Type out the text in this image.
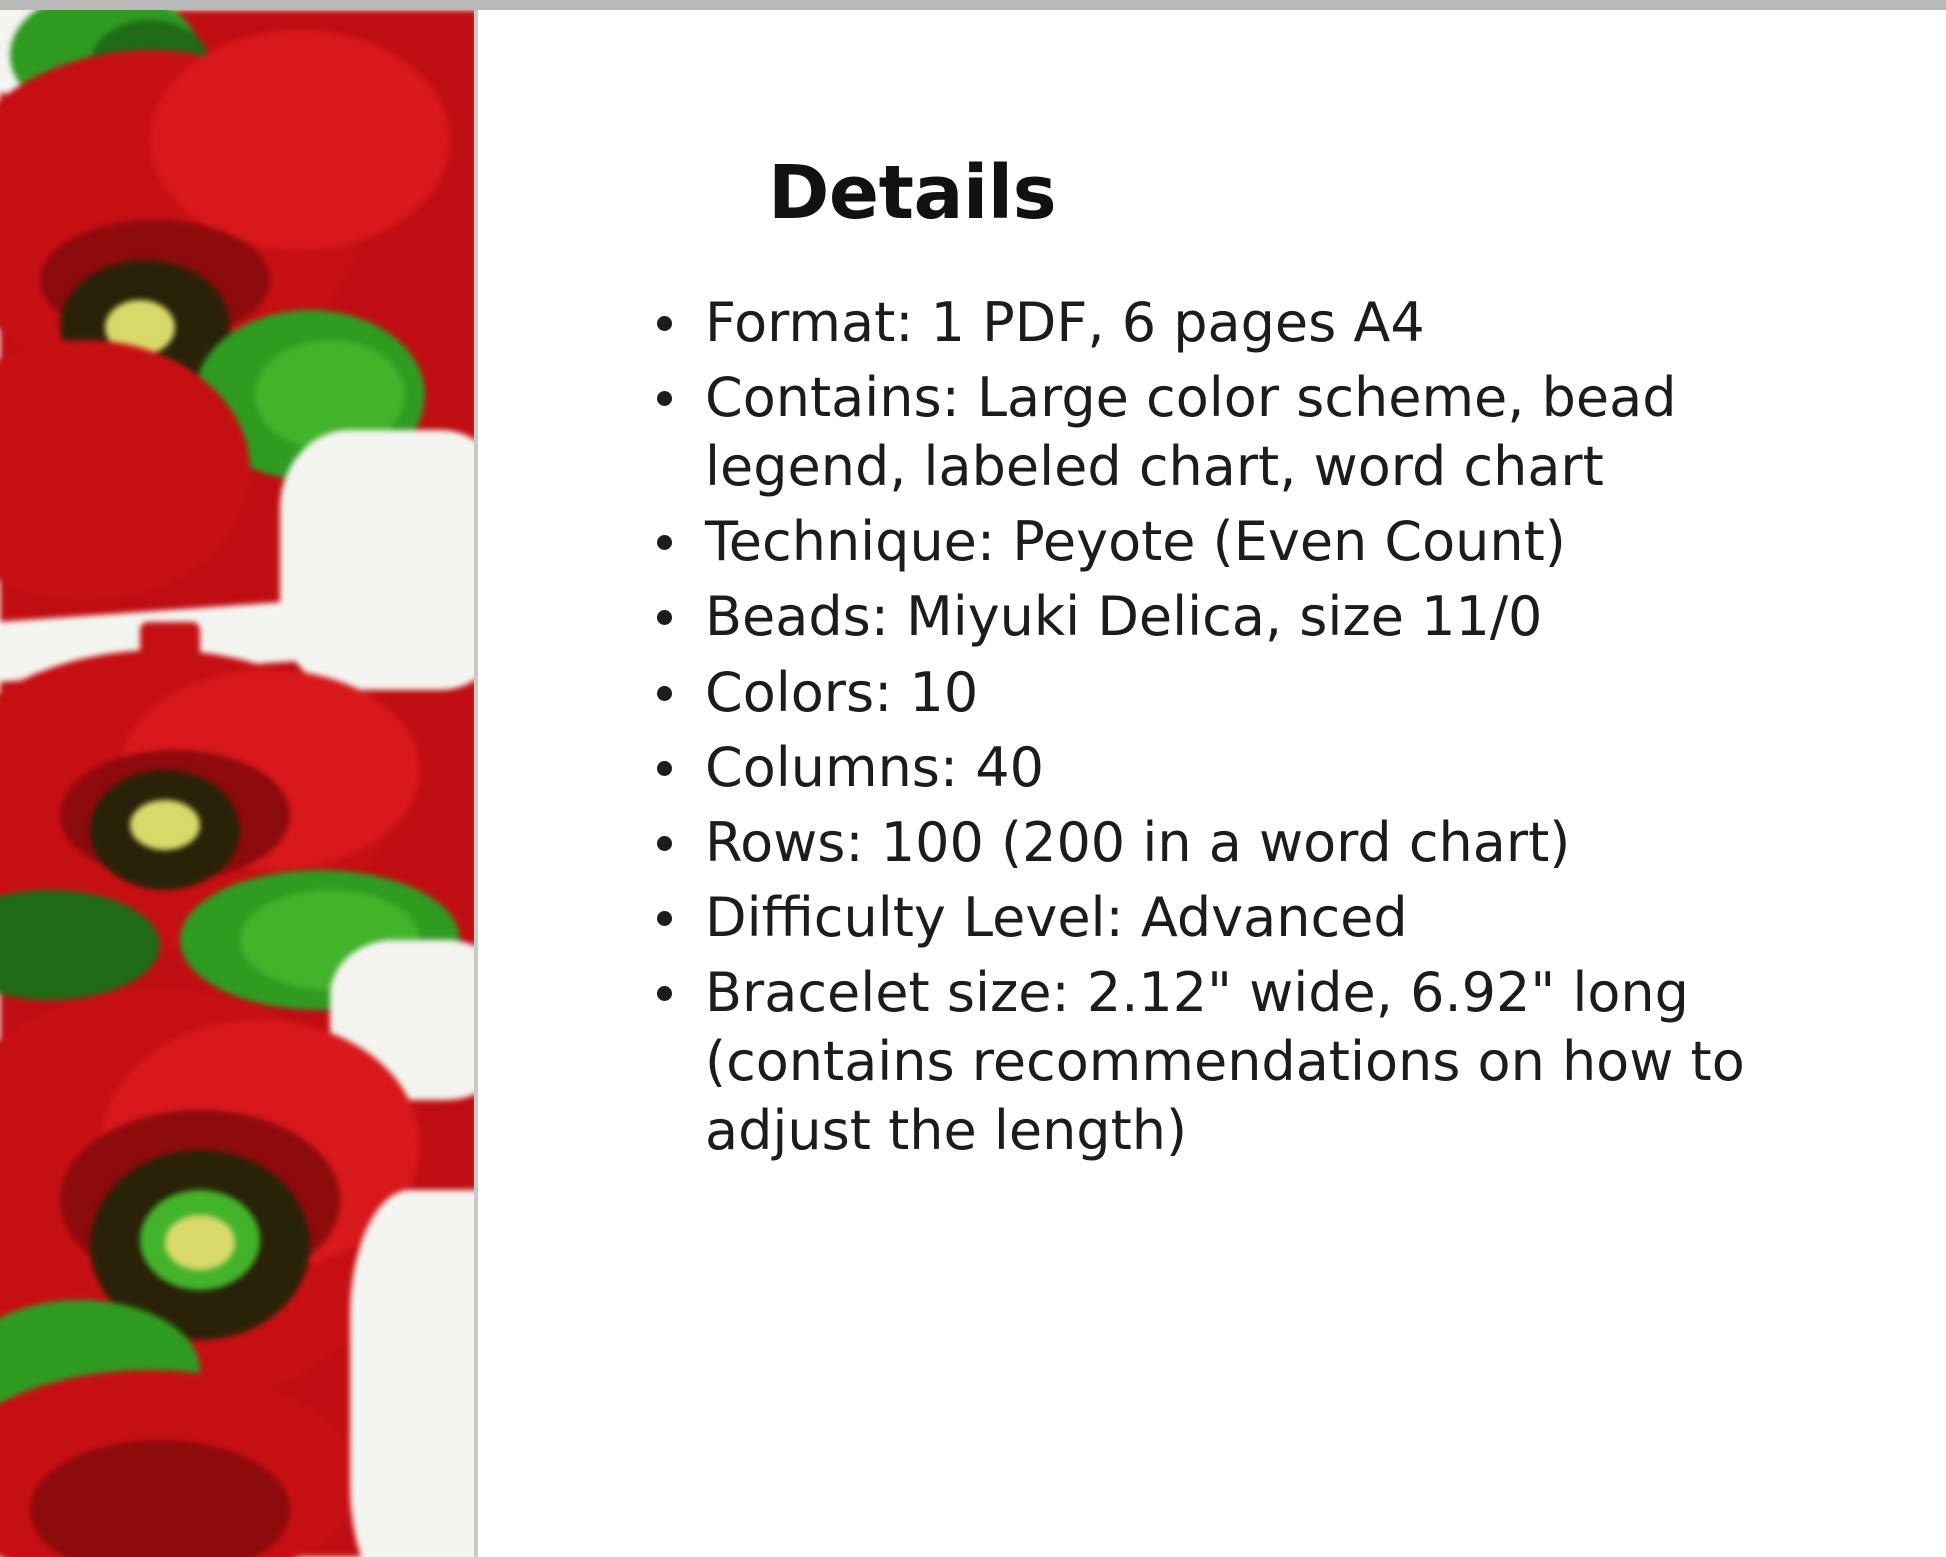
Details
Format: 1 PDF, 6 pages A4
Contains: Large color scheme, bead legend, labeled chart, word chart
Technique: Peyote (Even Count)
Beads: Miyuki Delica, size 11/0
Colors: 10
Columns: 40
Rows: 100 (200 in a word chart)
Difficulty Level: Advanced
Bracelet size: 2.12" wide, 6.92" long (contains recommendations on how to adjust the length)
